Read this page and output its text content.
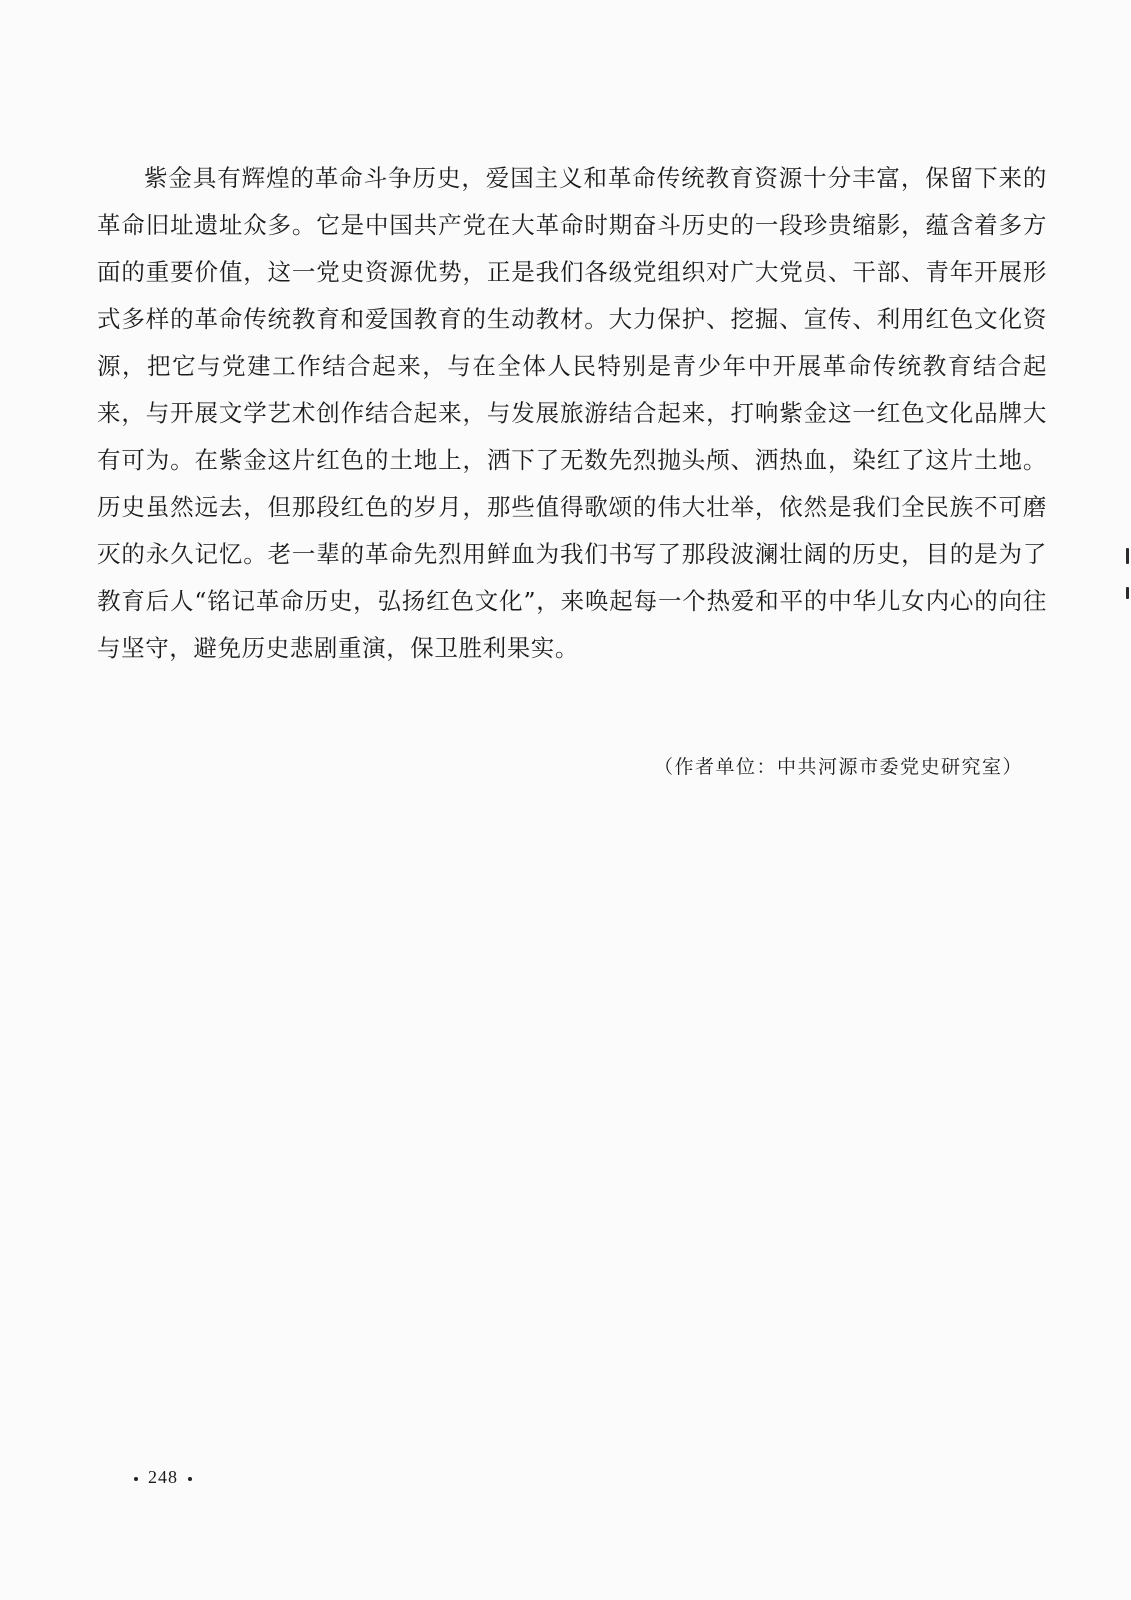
紫金具有辉煌的革命斗争历史，爱国主义和革命传统教育资源十分丰富，保留下来的革命旧址遗址众多。它是中国共产党在大革命时期奋斗历史的一段珍贵缩影，蕴含着多方面的重要价值，这一党史资源优势，正是我们各级党组织对广大党员、干部、青年开展形式多样的革命传统教育和爱国教育的生动教材。大力保护、挖掘、宣传、利用红色文化资源，把它与党建工作结合起来，与在全体人民特别是青少年中开展革命传统教育结合起来，与开展文学艺术创作结合起来，与发展旅游结合起来，打响紫金这一红色文化品牌大有可为。在紫金这片红色的土地上，洒下了无数先烈抛头颅、洒热血，染红了这片土地。历史虽然远去，但那段红色的岁月，那些值得歌颂的伟大壮举，依然是我们全民族不可磨灭的永久记忆。老一辈的革命先烈用鲜血为我们书写了那段波澜壮阔的历史，目的是为了教育后人“铭记革命历史，弘扬红色文化”，来唤起每一个热爱和平的中华儿女内心的向往与坚守，避免历史悲剧重演，保卫胜利果实。

（作者单位：中共河源市委党史研究室）

248
